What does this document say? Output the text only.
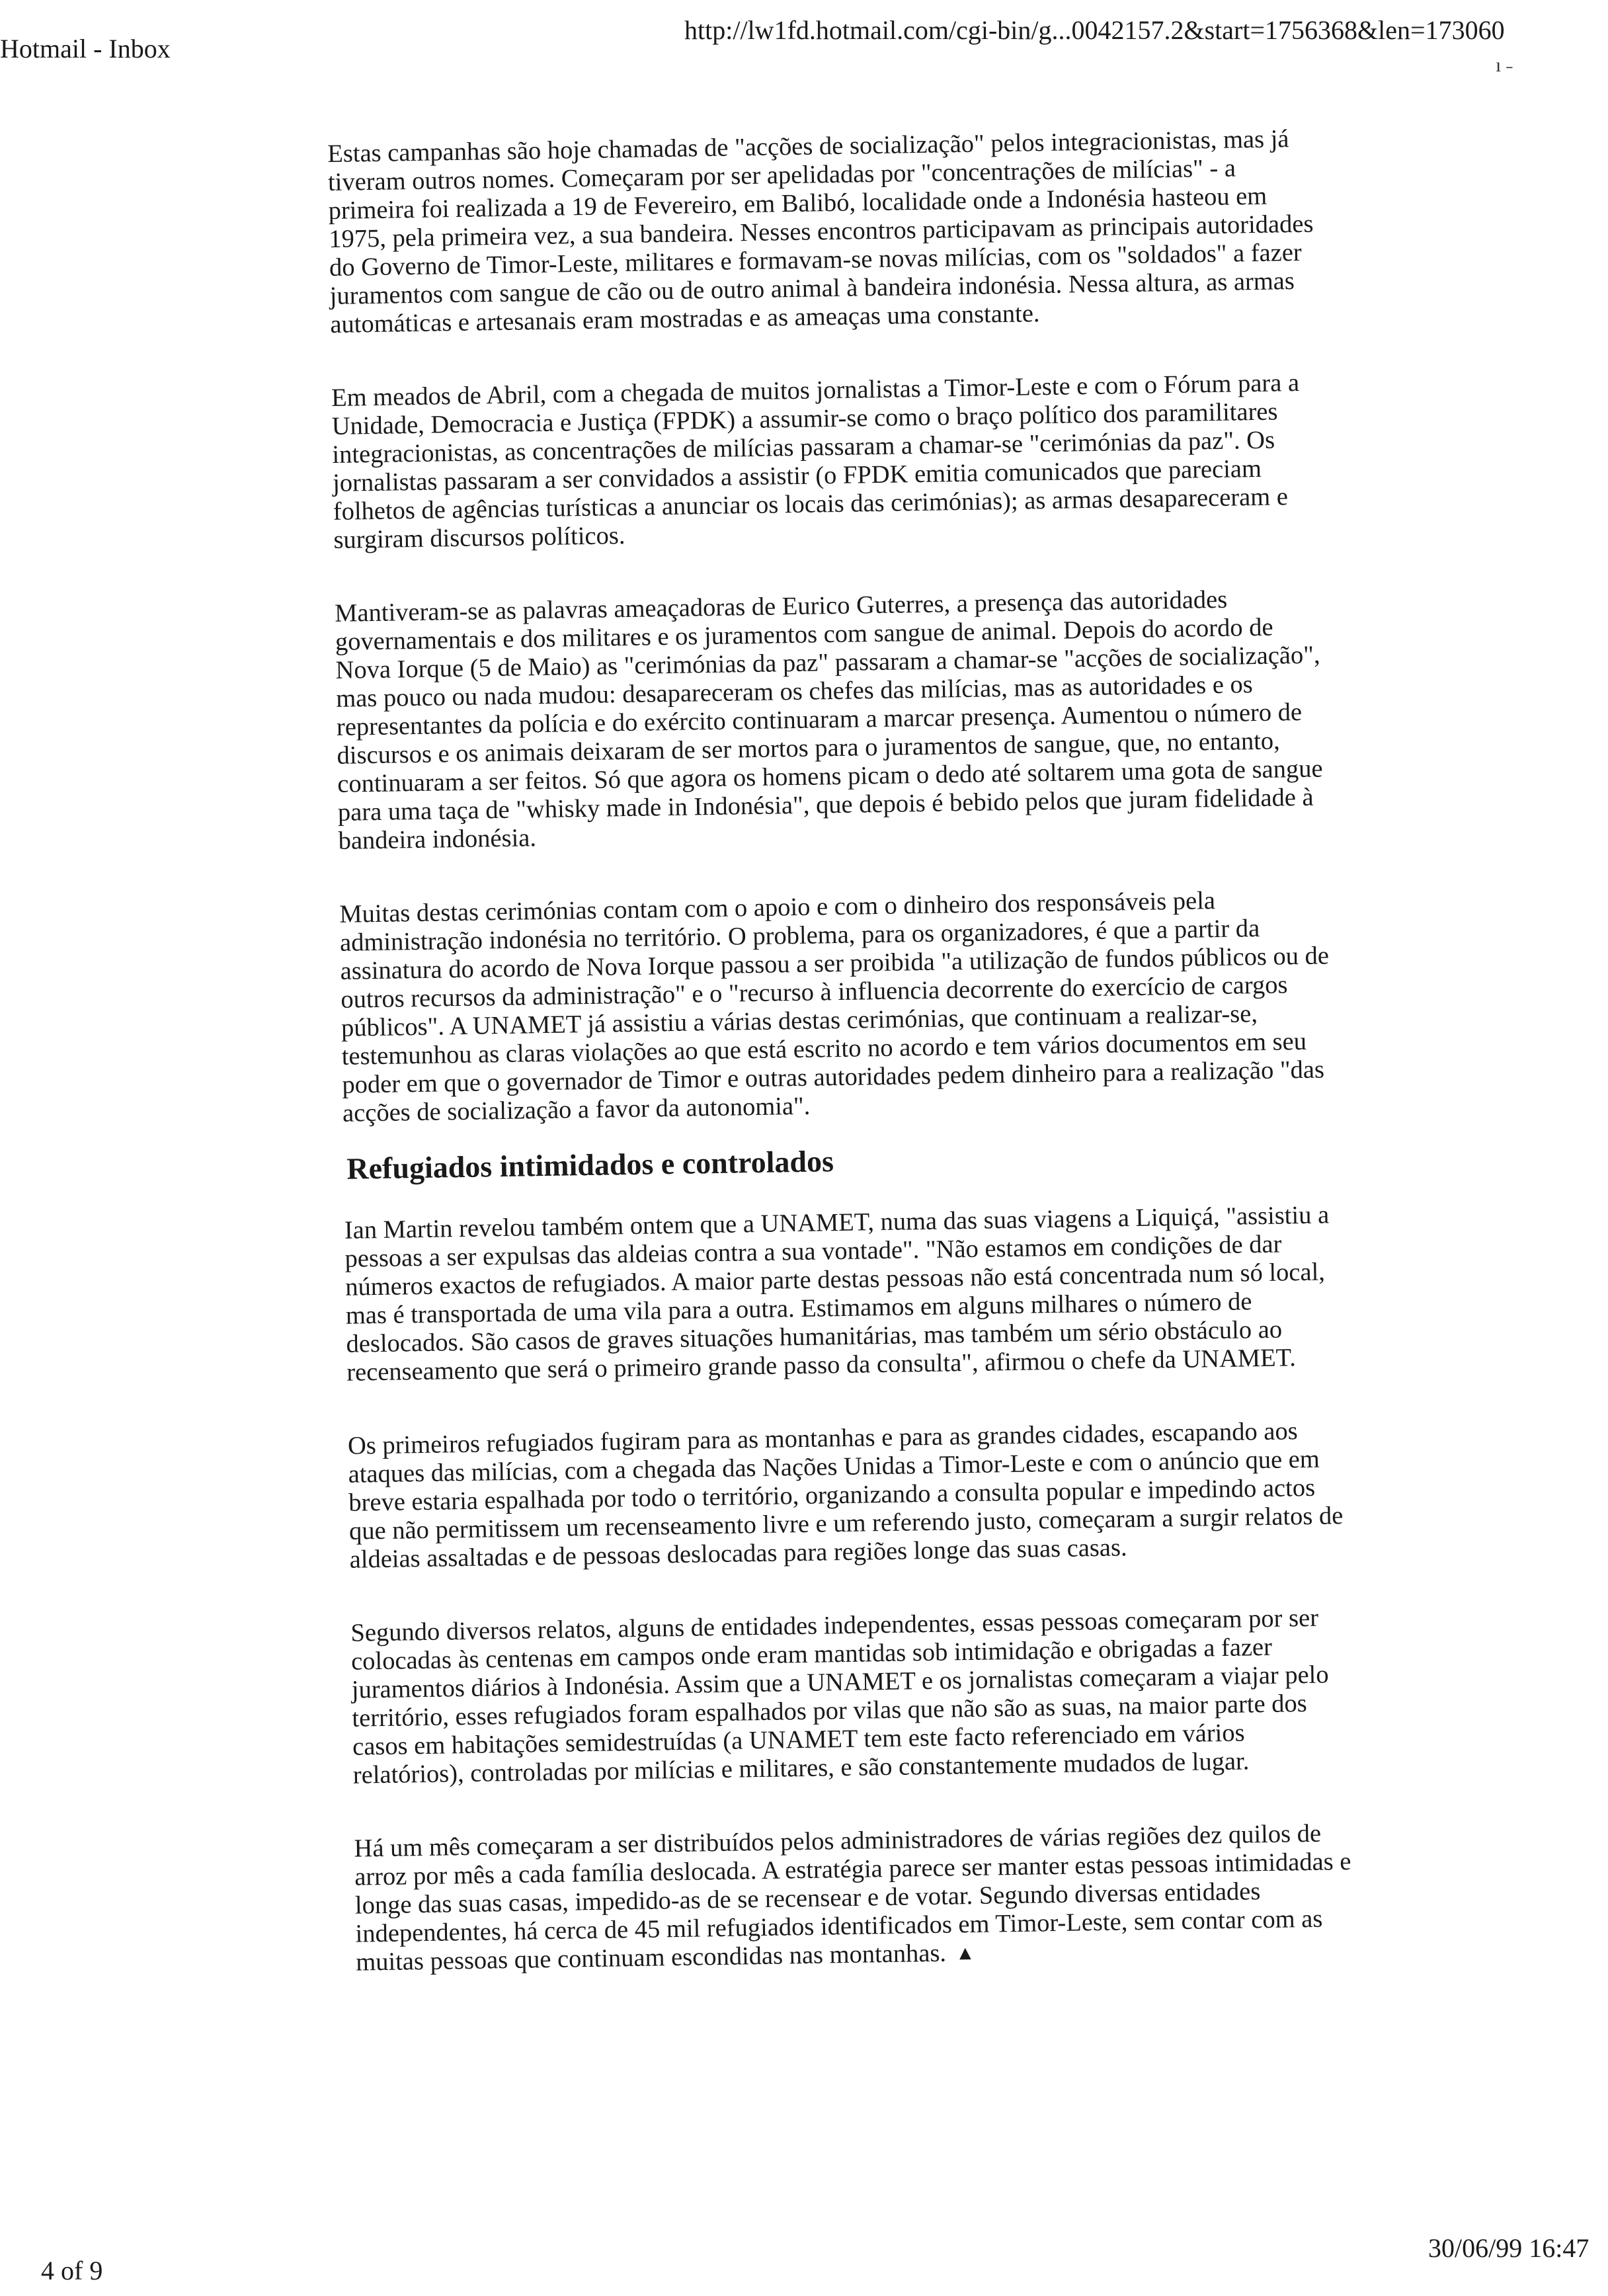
Hotmail - Inbox
http://lw1fd.hotmail.com/cgi-bin/g...0042157.2&start=1756368&len=173060
ı ˗

Estas campanhas são hoje chamadas de "acções de socialização" pelos integracionistas, mas já tiveram outros nomes. Começaram por ser apelidadas por "concentrações de milícias" - a primeira foi realizada a 19 de Fevereiro, em Balibó, localidade onde a Indonésia hasteou em 1975, pela primeira vez, a sua bandeira. Nesses encontros participavam as principais autoridades do Governo de Timor-Leste, militares e formavam-se novas milícias, com os "soldados" a fazer juramentos com sangue de cão ou de outro animal à bandeira indonésia. Nessa altura, as armas automáticas e artesanais eram mostradas e as ameaças uma constante.

Em meados de Abril, com a chegada de muitos jornalistas a Timor-Leste e com o Fórum para a Unidade, Democracia e Justiça (FPDK) a assumir-se como o braço político dos paramilitares integracionistas, as concentrações de milícias passaram a chamar-se "cerimónias da paz". Os jornalistas passaram a ser convidados a assistir (o FPDK emitia comunicados que pareciam folhetos de agências turísticas a anunciar os locais das cerimónias); as armas desapareceram e surgiram discursos políticos.

Mantiveram-se as palavras ameaçadoras de Eurico Guterres, a presença das autoridades governamentais e dos militares e os juramentos com sangue de animal. Depois do acordo de Nova Iorque (5 de Maio) as "cerimónias da paz" passaram a chamar-se "acções de socialização", mas pouco ou nada mudou: desapareceram os chefes das milícias, mas as autoridades e os representantes da polícia e do exército continuaram a marcar presença. Aumentou o número de discursos e os animais deixaram de ser mortos para o juramentos de sangue, que, no entanto, continuaram a ser feitos. Só que agora os homens picam o dedo até soltarem uma gota de sangue para uma taça de "whisky made in Indonésia", que depois é bebido pelos que juram fidelidade à bandeira indonésia.

Muitas destas cerimónias contam com o apoio e com o dinheiro dos responsáveis pela administração indonésia no território. O problema, para os organizadores, é que a partir da assinatura do acordo de Nova Iorque passou a ser proibida "a utilização de fundos públicos ou de outros recursos da administração" e o "recurso à influencia decorrente do exercício de cargos públicos". A UNAMET já assistiu a várias destas cerimónias, que continuam a realizar-se, testemunhou as claras violações ao que está escrito no acordo e tem vários documentos em seu poder em que o governador de Timor e outras autoridades pedem dinheiro para a realização "das acções de socialização a favor da autonomia".

Refugiados intimidados e controlados

Ian Martin revelou também ontem que a UNAMET, numa das suas viagens a Liquiçá, "assistiu a pessoas a ser expulsas das aldeias contra a sua vontade". "Não estamos em condições de dar números exactos de refugiados. A maior parte destas pessoas não está concentrada num só local, mas é transportada de uma vila para a outra. Estimamos em alguns milhares o número de deslocados. São casos de graves situações humanitárias, mas também um sério obstáculo ao recenseamento que será o primeiro grande passo da consulta", afirmou o chefe da UNAMET.

Os primeiros refugiados fugiram para as montanhas e para as grandes cidades, escapando aos ataques das milícias, com a chegada das Nações Unidas a Timor-Leste e com o anúncio que em breve estaria espalhada por todo o território, organizando a consulta popular e impedindo actos que não permitissem um recenseamento livre e um referendo justo, começaram a surgir relatos de aldeias assaltadas e de pessoas deslocadas para regiões longe das suas casas.

Segundo diversos relatos, alguns de entidades independentes, essas pessoas começaram por ser colocadas às centenas em campos onde eram mantidas sob intimidação e obrigadas a fazer juramentos diários à Indonésia. Assim que a UNAMET e os jornalistas começaram a viajar pelo território, esses refugiados foram espalhados por vilas que não são as suas, na maior parte dos casos em habitações semidestruídas (a UNAMET tem este facto referenciado em vários relatórios), controladas por milícias e militares, e são constantemente mudados de lugar.

Há um mês começaram a ser distribuídos pelos administradores de várias regiões dez quilos de arroz por mês a cada família deslocada. A estratégia parece ser manter estas pessoas intimidadas e longe das suas casas, impedido-as de se recensear e de votar. Segundo diversas entidades independentes, há cerca de 45 mil refugiados identificados em Timor-Leste, sem contar com as muitas pessoas que continuam escondidas nas montanhas. ▲

4 of 9
30/06/99 16:47
